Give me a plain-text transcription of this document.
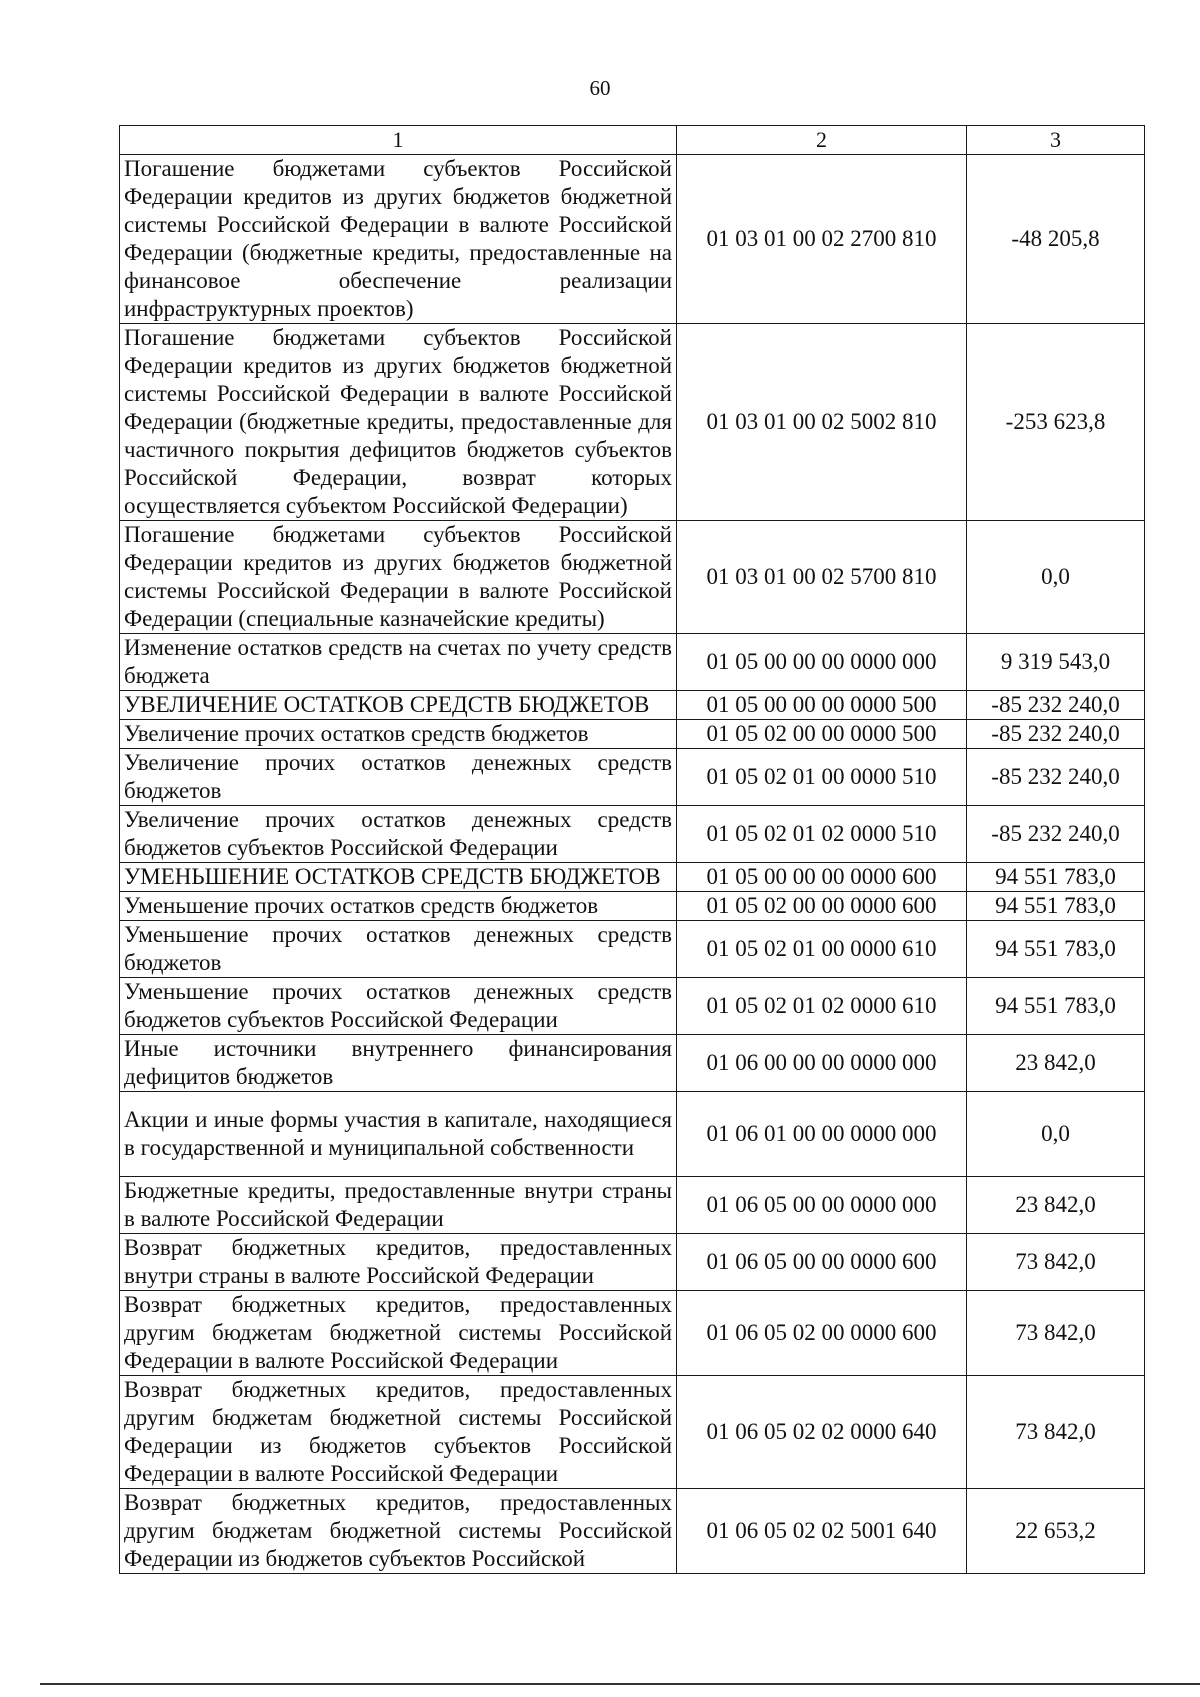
60
1	2	3
Погашение бюджетами субъектов Российской Федерации кредитов из других бюджетов бюджетной системы Российской Федерации в валюте Российской Федерации (бюджетные кредиты, предоставленные на финансовое обеспечение реализации инфраструктурных проектов)	01 03 01 00 02 2700 810	-48 205,8
Погашение бюджетами субъектов Российской Федерации кредитов из других бюджетов бюджетной системы Российской Федерации в валюте Российской Федерации (бюджетные кредиты, предоставленные для частичного покрытия дефицитов бюджетов субъектов Российской Федерации, возврат которых осуществляется субъектом Российской Федерации)	01 03 01 00 02 5002 810	-253 623,8
Погашение бюджетами субъектов Российской Федерации кредитов из других бюджетов бюджетной системы Российской Федерации в валюте Российской Федерации (специальные казначейские кредиты)	01 03 01 00 02 5700 810	0,0
Изменение остатков средств на счетах по учету средств бюджета	01 05 00 00 00 0000 000	9 319 543,0
УВЕЛИЧЕНИЕ ОСТАТКОВ СРЕДСТВ БЮДЖЕТОВ	01 05 00 00 00 0000 500	-85 232 240,0
Увеличение прочих остатков средств бюджетов	01 05 02 00 00 0000 500	-85 232 240,0
Увеличение прочих остатков денежных средств бюджетов	01 05 02 01 00 0000 510	-85 232 240,0
Увеличение прочих остатков денежных средств бюджетов субъектов Российской Федерации	01 05 02 01 02 0000 510	-85 232 240,0
УМЕНЬШЕНИЕ ОСТАТКОВ СРЕДСТВ БЮДЖЕТОВ	01 05 00 00 00 0000 600	94 551 783,0
Уменьшение прочих остатков средств бюджетов	01 05 02 00 00 0000 600	94 551 783,0
Уменьшение прочих остатков денежных средств бюджетов	01 05 02 01 00 0000 610	94 551 783,0
Уменьшение прочих остатков денежных средств бюджетов субъектов Российской Федерации	01 05 02 01 02 0000 610	94 551 783,0
Иные источники внутреннего финансирования дефицитов бюджетов	01 06 00 00 00 0000 000	23 842,0
Акции и иные формы участия в капитале, находящиеся в государственной и муниципальной собственности	01 06 01 00 00 0000 000	0,0
Бюджетные кредиты, предоставленные внутри страны в валюте Российской Федерации	01 06 05 00 00 0000 000	23 842,0
Возврат бюджетных кредитов, предоставленных внутри страны в валюте Российской Федерации	01 06 05 00 00 0000 600	73 842,0
Возврат бюджетных кредитов, предоставленных другим бюджетам бюджетной системы Российской Федерации в валюте Российской Федерации	01 06 05 02 00 0000 600	73 842,0
Возврат бюджетных кредитов, предоставленных другим бюджетам бюджетной системы Российской Федерации из бюджетов субъектов Российской Федерации в валюте Российской Федерации	01 06 05 02 02 0000 640	73 842,0
Возврат бюджетных кредитов, предоставленных другим бюджетам бюджетной системы Российской Федерации из бюджетов субъектов Российской	01 06 05 02 02 5001 640	22 653,2
